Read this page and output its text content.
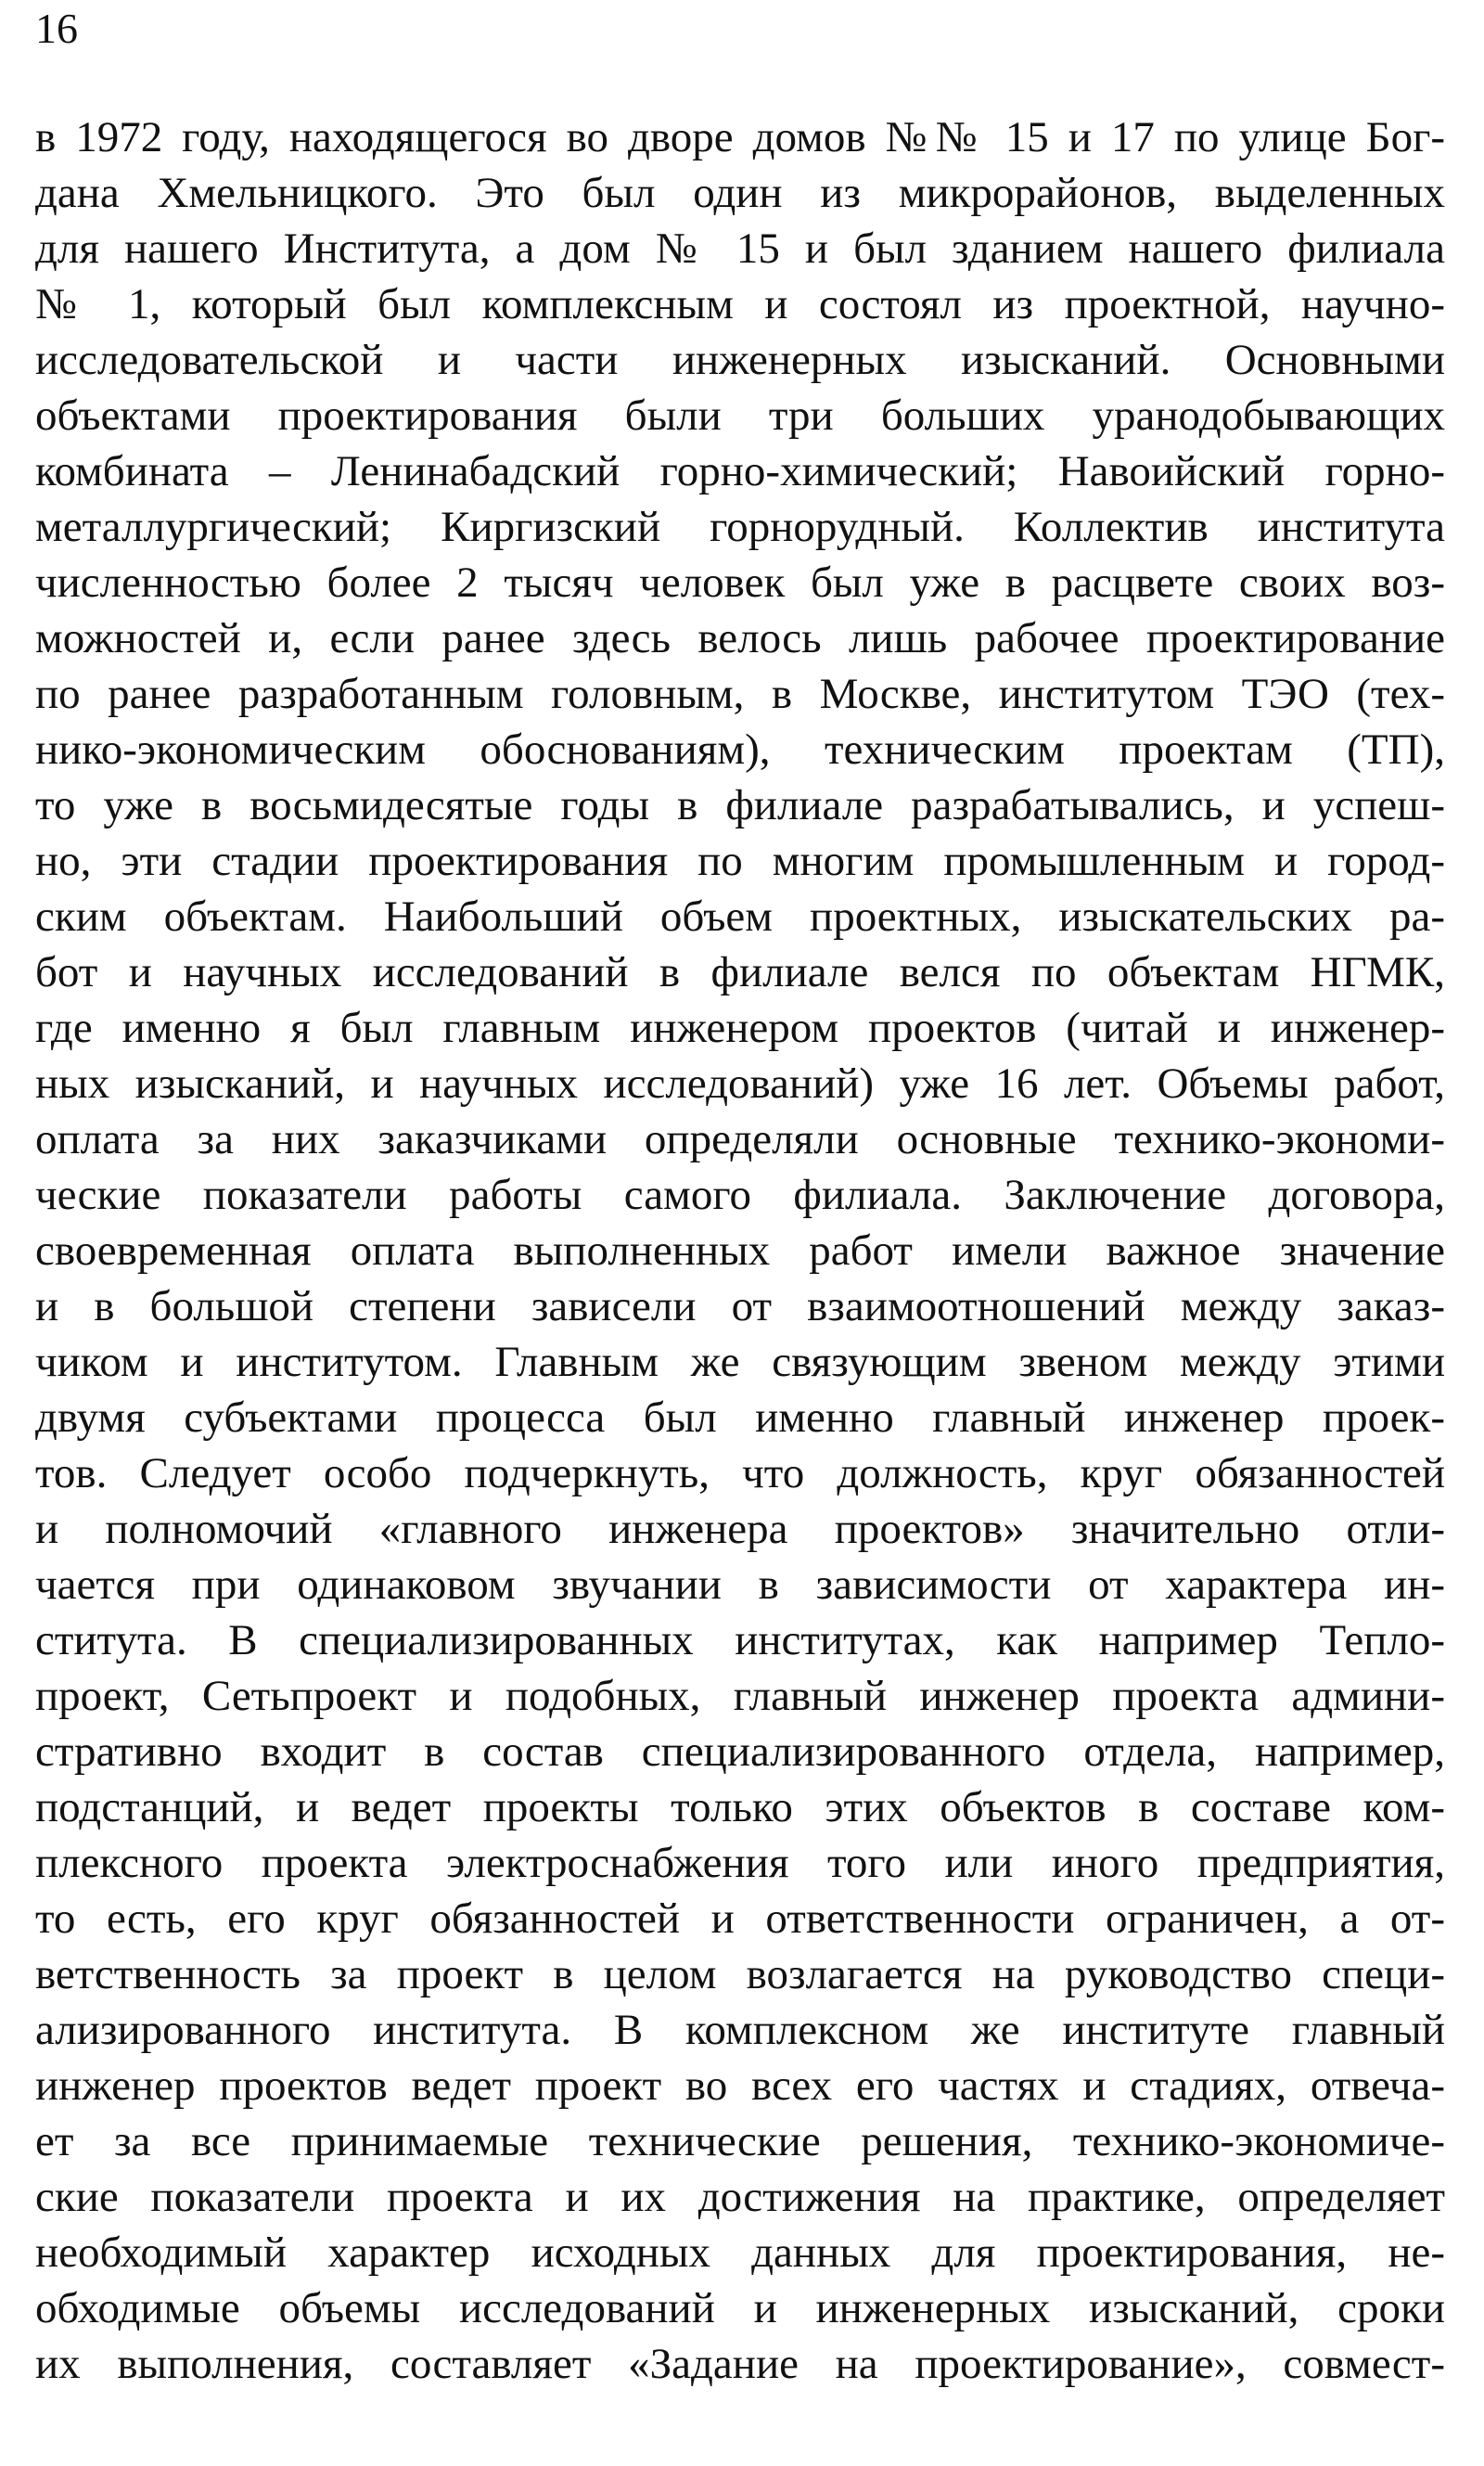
16
в 1972 году, находящегося во дворе домов №№ 15 и 17 по улице Бог-
дана Хмельницкого. Это был один из микрорайонов, выделенных
для нашего Института, а дом № 15 и был зданием нашего филиала
№ 1, который был комплексным и состоял из проектной, научно-
исследовательской и части инженерных изысканий. Основными
объектами проектирования были три больших уранодобывающих
комбината – Ленинабадский горно-химический; Навоийский горно-
металлургический; Киргизский горнорудный. Коллектив института
численностью более 2 тысяч человек был уже в расцвете своих воз-
можностей и, если ранее здесь велось лишь рабочее проектирование
по ранее разработанным головным, в Москве, институтом ТЭО (тех-
нико-экономическим обоснованиям), техническим проектам (ТП),
то уже в восьмидесятые годы в филиале разрабатывались, и успеш-
но, эти стадии проектирования по многим промышленным и город-
ским объектам. Наибольший объем проектных, изыскательских ра-
бот и научных исследований в филиале велся по объектам НГМК,
где именно я был главным инженером проектов (читай и инженер-
ных изысканий, и научных исследований) уже 16 лет. Объемы работ,
оплата за них заказчиками определяли основные технико-экономи-
ческие показатели работы самого филиала. Заключение договора,
своевременная оплата выполненных работ имели важное значение
и в большой степени зависели от взаимоотношений между заказ-
чиком и институтом. Главным же связующим звеном между этими
двумя субъектами процесса был именно главный инженер проек-
тов. Следует особо подчеркнуть, что должность, круг обязанностей
и полномочий «главного инженера проектов» значительно отли-
чается при одинаковом звучании в зависимости от характера ин-
ститута. В специализированных институтах, как например Тепло-
проект, Сетьпроект и подобных, главный инженер проекта админи-
стративно входит в состав специализированного отдела, например,
подстанций, и ведет проекты только этих объектов в составе ком-
плексного проекта электроснабжения того или иного предприятия,
то есть, его круг обязанностей и ответственности ограничен, а от-
ветственность за проект в целом возлагается на руководство специ-
ализированного института. В комплексном же институте главный
инженер проектов ведет проект во всех его частях и стадиях, отвеча-
ет за все принимаемые технические решения, технико-экономиче-
ские показатели проекта и их достижения на практике, определяет
необходимый характер исходных данных для проектирования, не-
обходимые объемы исследований и инженерных изысканий, сроки
их выполнения, составляет «Задание на проектирование», совмест-
